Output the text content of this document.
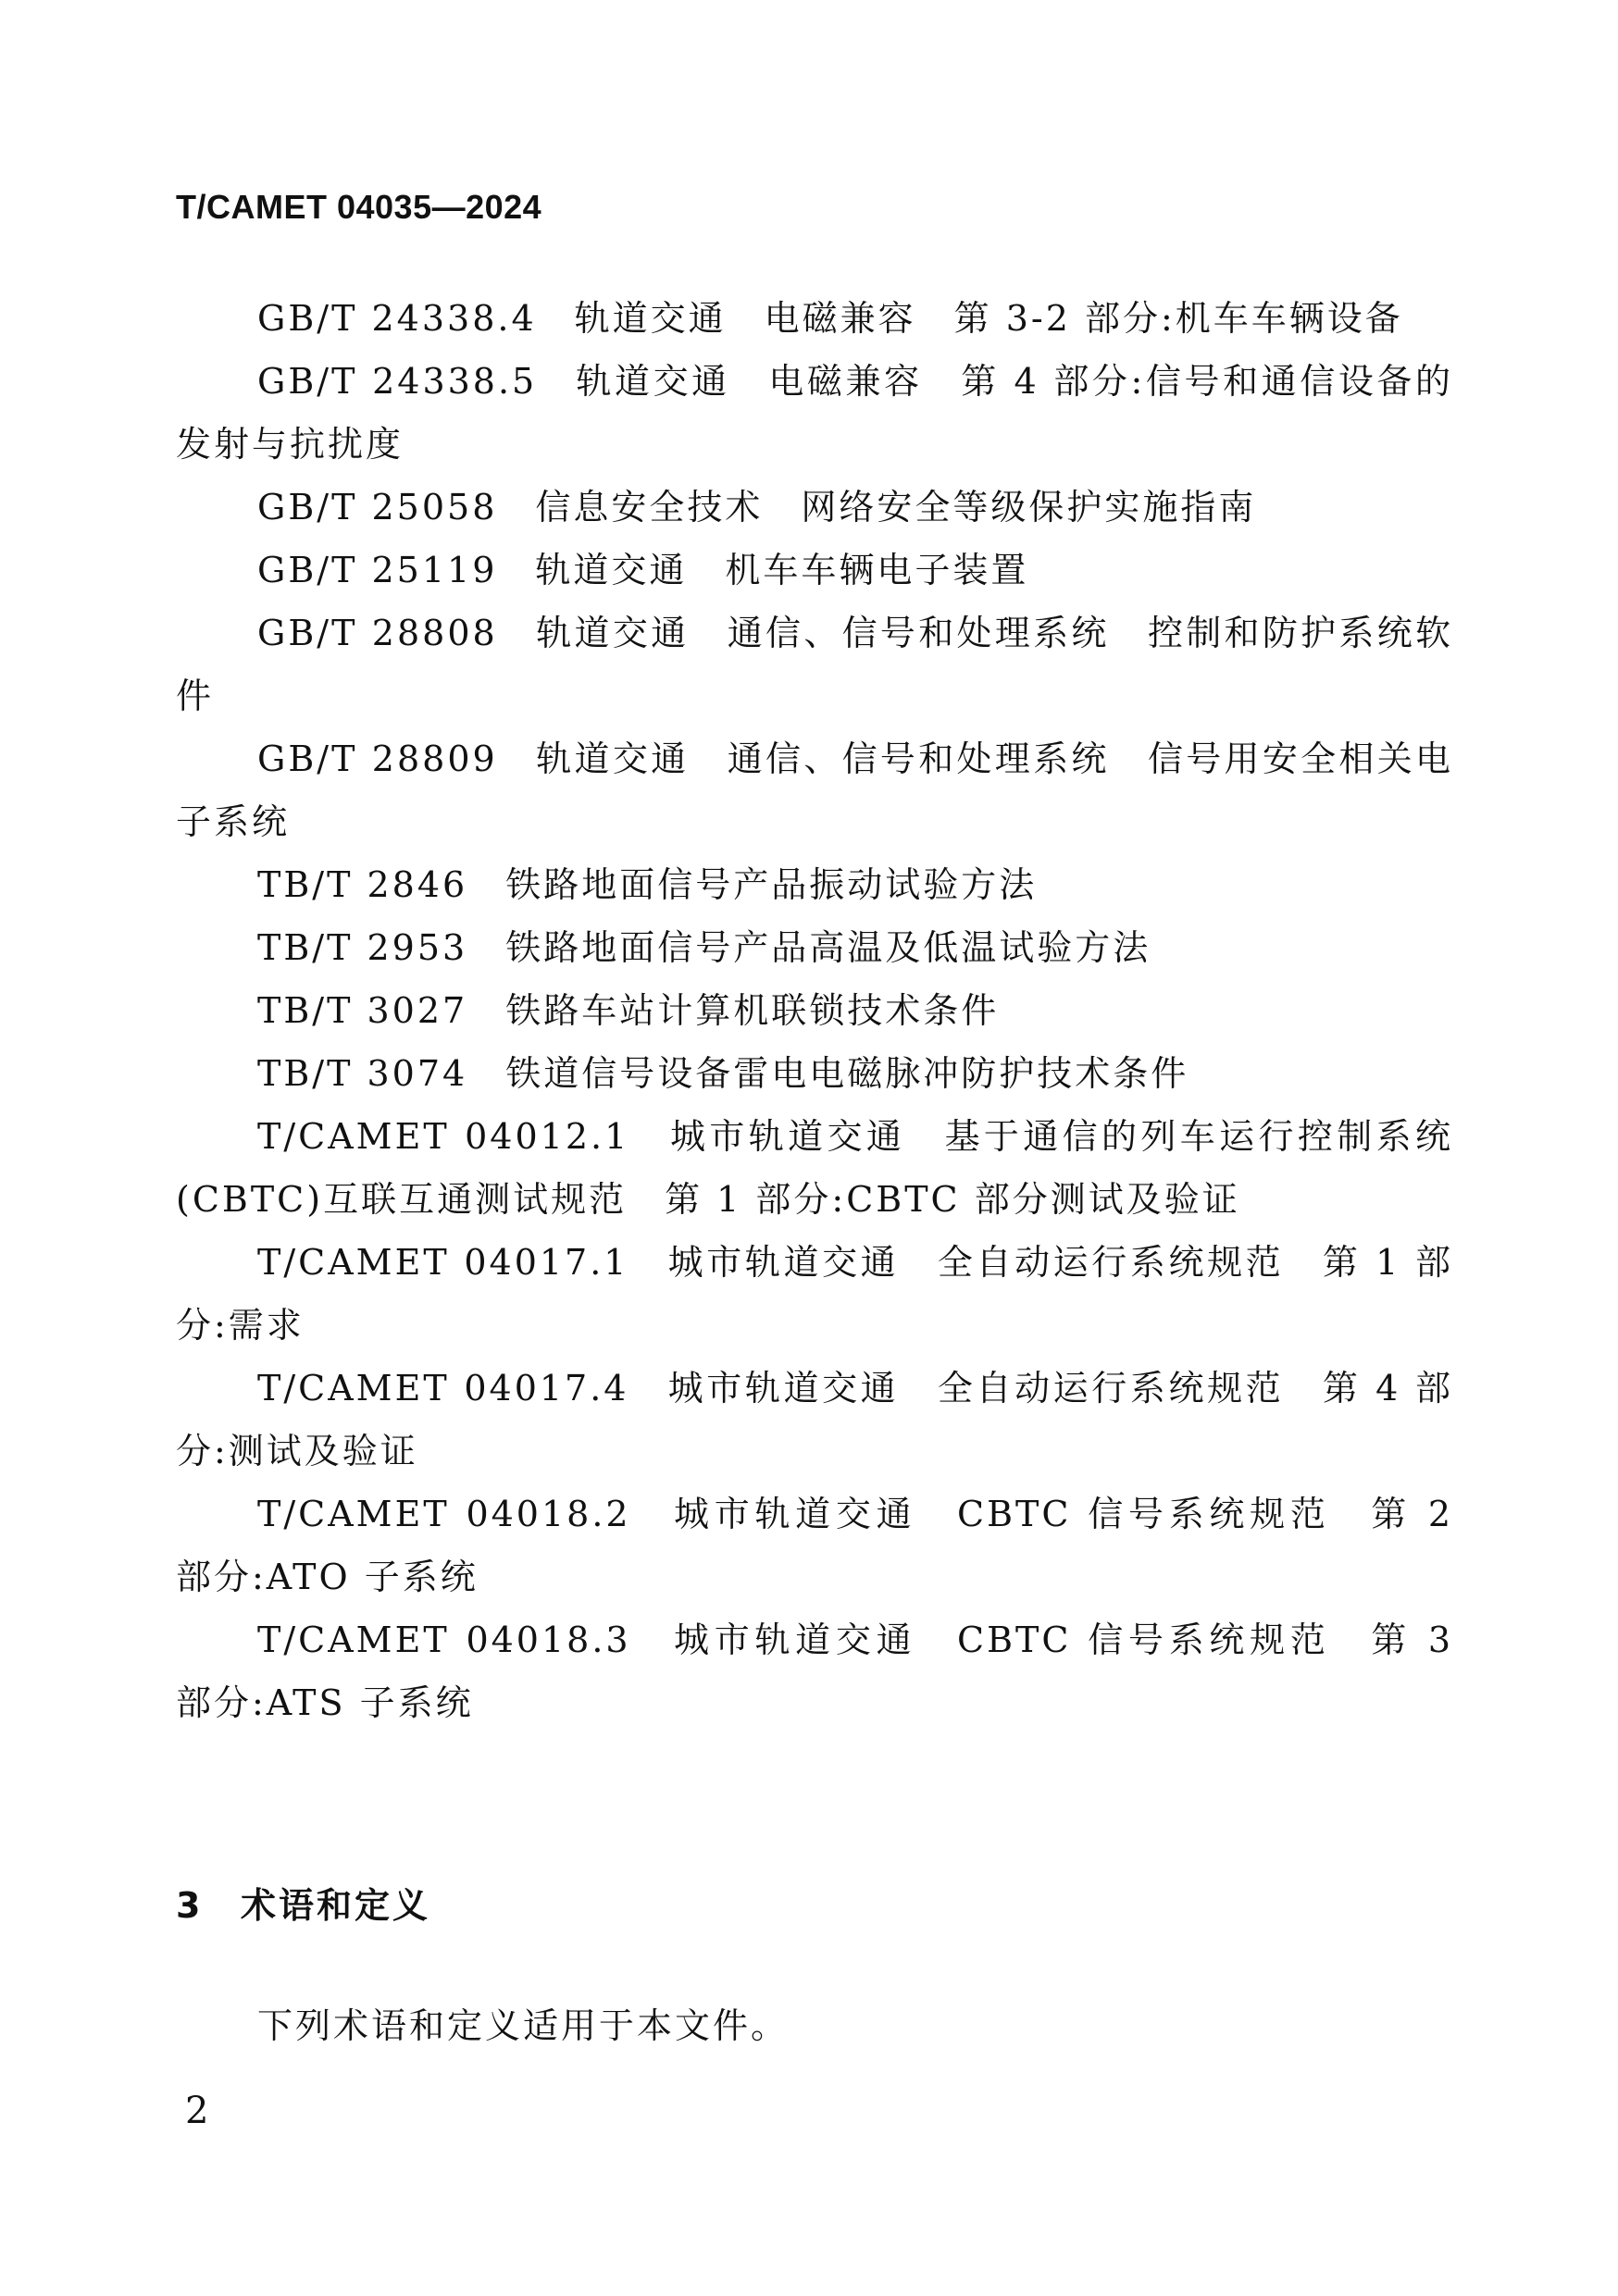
T/CAMET 04035—2024
GB/T 24338.4　轨道交通　电磁兼容　第 3-2 部分:机车车辆设备
GB/T 24338.5　轨道交通　电磁兼容　第 4 部分:信号和通信设备的发射与抗扰度
GB/T 25058　信息安全技术　网络安全等级保护实施指南
GB/T 25119　轨道交通　机车车辆电子装置
GB/T 28808　轨道交通　通信、信号和处理系统　控制和防护系统软件
GB/T 28809　轨道交通　通信、信号和处理系统　信号用安全相关电子系统
TB/T 2846　铁路地面信号产品振动试验方法
TB/T 2953　铁路地面信号产品高温及低温试验方法
TB/T 3027　铁路车站计算机联锁技术条件
TB/T 3074　铁道信号设备雷电电磁脉冲防护技术条件
T/CAMET 04012.1　城市轨道交通　基于通信的列车运行控制系统(CBTC)互联互通测试规范　第 1 部分:CBTC 部分测试及验证
T/CAMET 04017.1　城市轨道交通　全自动运行系统规范　第 1 部分:需求
T/CAMET 04017.4　城市轨道交通　全自动运行系统规范　第 4 部分:测试及验证
T/CAMET 04018.2　城市轨道交通　CBTC 信号系统规范　第 2 部分:ATO 子系统
T/CAMET 04018.3　城市轨道交通　CBTC 信号系统规范　第 3 部分:ATS 子系统
3 术语和定义
下列术语和定义适用于本文件。
2
